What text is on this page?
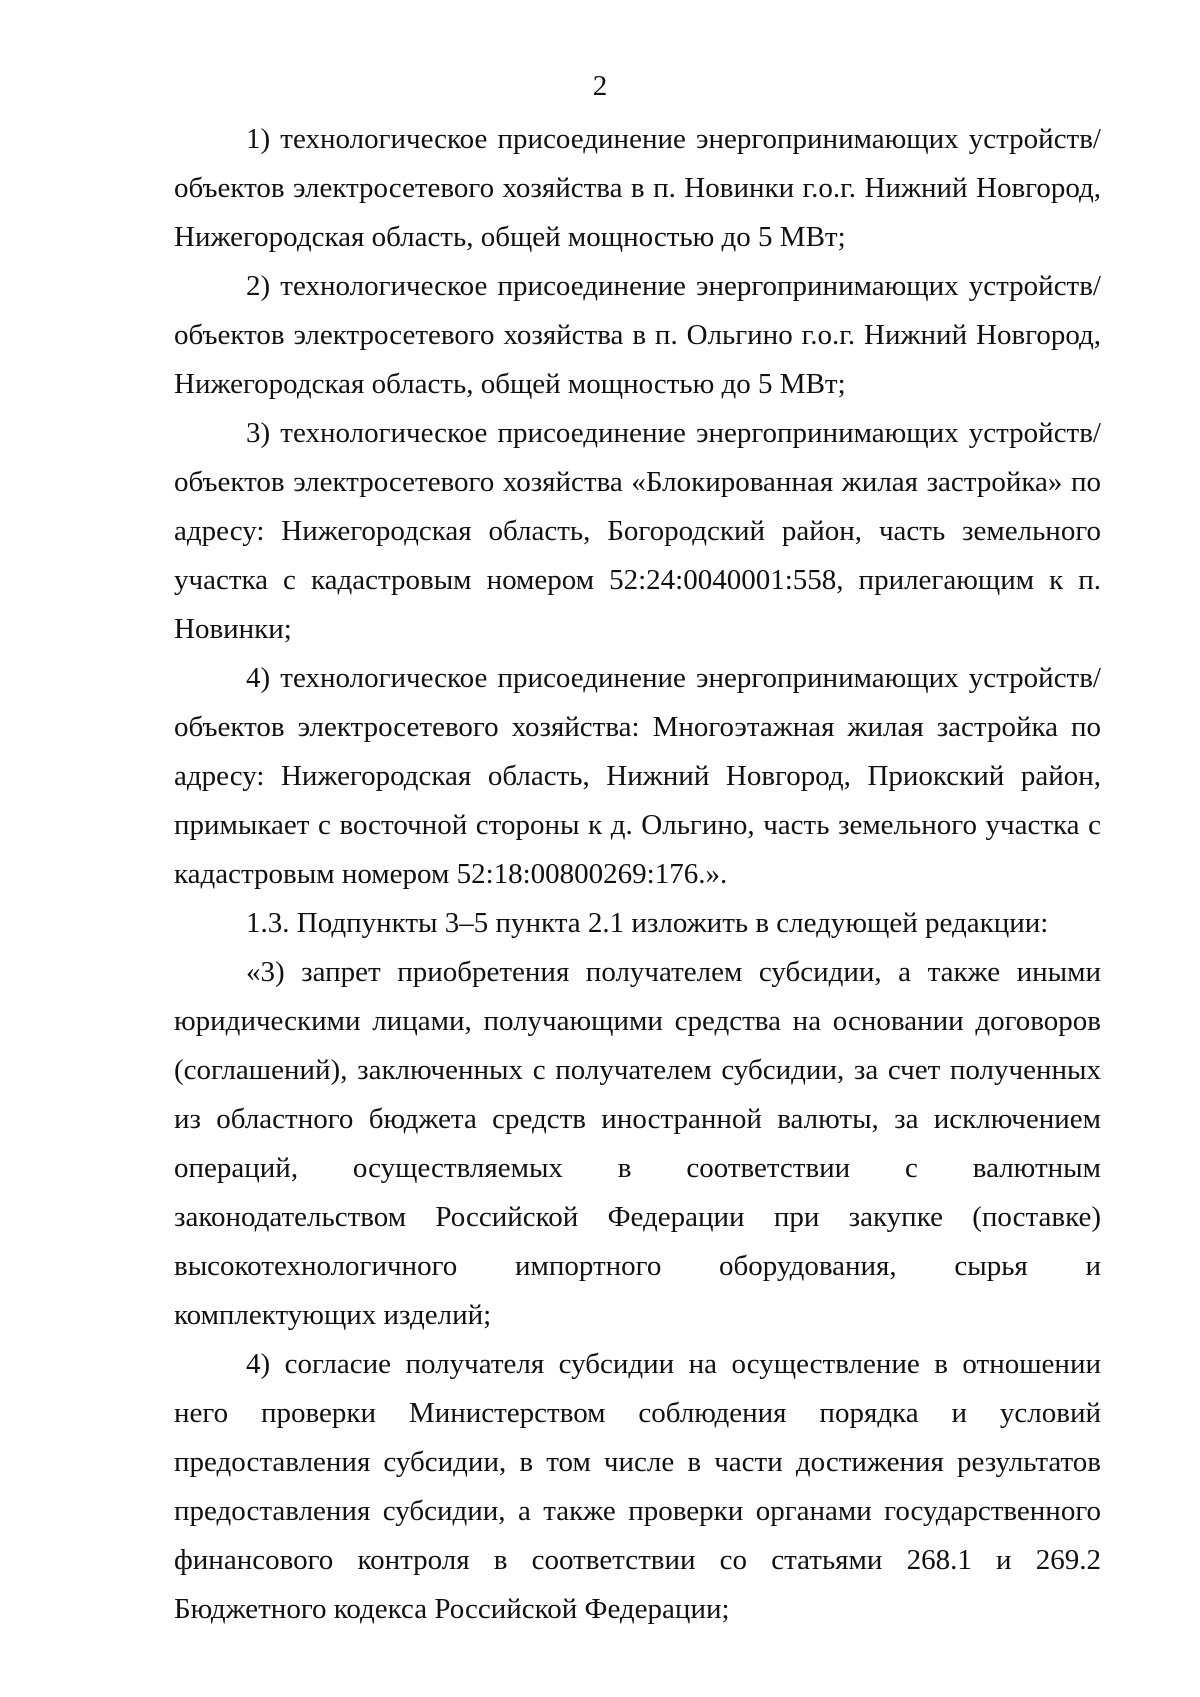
2

1) технологическое присоединение энергопринимающих устройств/объектов электросетевого хозяйства в п. Новинки г.о.г. Нижний Новгород, Нижегородская область, общей мощностью до 5 МВт;

2) технологическое присоединение энергопринимающих устройств/объектов электросетевого хозяйства в п. Ольгино г.о.г. Нижний Новгород, Нижегородская область, общей мощностью до 5 МВт;

3) технологическое присоединение энергопринимающих устройств/объектов электросетевого хозяйства «Блокированная жилая застройка» по адресу: Нижегородская область, Богородский район, часть земельного участка с кадастровым номером 52:24:0040001:558, прилегающим к п. Новинки;

4) технологическое присоединение энергопринимающих устройств/объектов электросетевого хозяйства: Многоэтажная жилая застройка по адресу: Нижегородская область, Нижний Новгород, Приокский район, примыкает с восточной стороны к д. Ольгино, часть земельного участка с кадастровым номером 52:18:00800269:176.».

1.3. Подпункты 3–5 пункта 2.1 изложить в следующей редакции:

«3) запрет приобретения получателем субсидии, а также иными юридическими лицами, получающими средства на основании договоров (соглашений), заключенных с получателем субсидии, за счет полученных из областного бюджета средств иностранной валюты, за исключением операций, осуществляемых в соответствии с валютным законодательством Российской Федерации при закупке (поставке) высокотехнологичного импортного оборудования, сырья и комплектующих изделий;

4) согласие получателя субсидии на осуществление в отношении него проверки Министерством соблюдения порядка и условий предоставления субсидии, в том числе в части достижения результатов предоставления субсидии, а также проверки органами государственного финансового контроля в соответствии со статьями 268.1 и 269.2 Бюджетного кодекса Российской Федерации;
